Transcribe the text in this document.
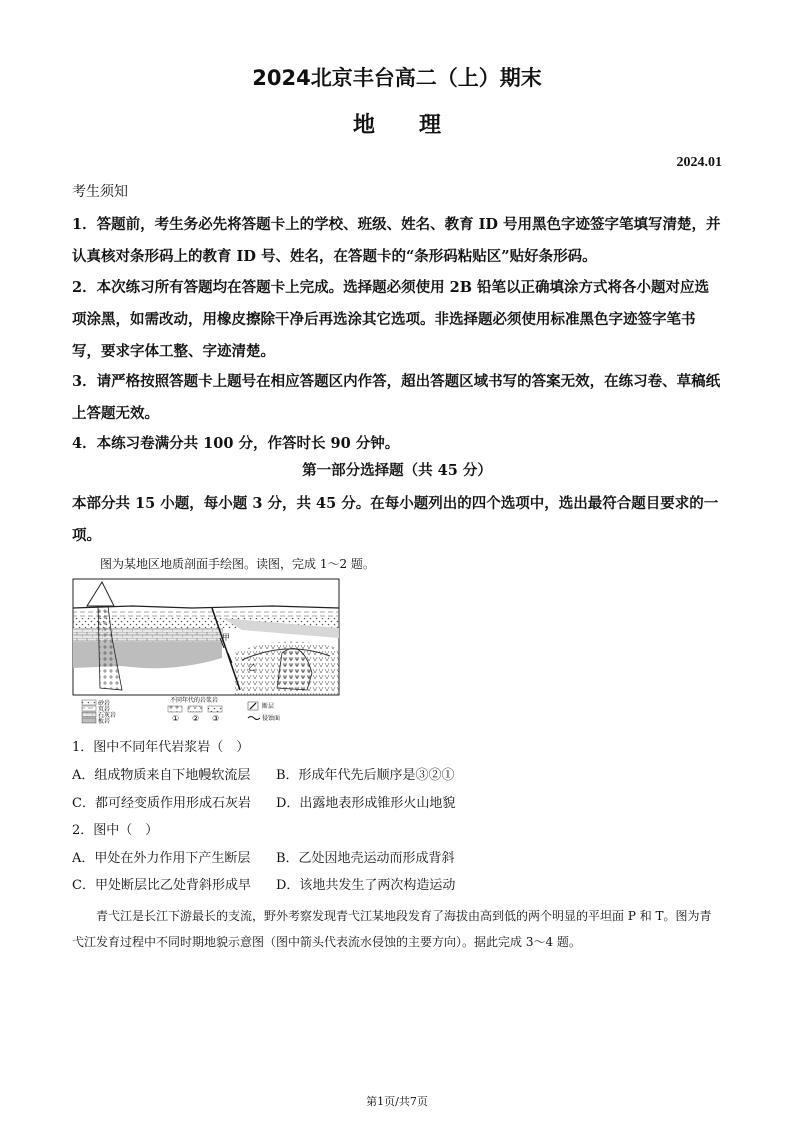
2024北京丰台高二（上）期末
地理
2024.01
考生须知
1．答题前，考生务必先将答题卡上的学校、班级、姓名、教育 ID 号用黑色字迹签字笔填写清楚，并认真核对条形码上的教育 ID 号、姓名，在答题卡的“条形码粘贴区”贴好条形码。
2．本次练习所有答题均在答题卡上完成。选择题必须使用 2B 铅笔以正确填涂方式将各小题对应选项涂黑，如需改动，用橡皮擦除干净后再选涂其它选项。非选择题必须使用标准黑色字迹签字笔书写，要求字体工整、字迹清楚。
3．请严格按照答题卡上题号在相应答题区内作答，超出答题区域书写的答案无效，在练习卷、草稿纸上答题无效。
4．本练习卷满分共 100 分，作答时长 90 分钟。
第一部分选择题（共 45 分）
本部分共 15 小题，每小题 3 分，共 45 分。在每小题列出的四个选项中，选出最符合题目要求的一项。
图为某地区地质剖面手绘图。读图，完成 1～2 题。
甲
乙
砂岩
页岩
石灰岩
板岩
不同年代的岩浆岩
① ② ③
断层
侵蚀面
1．图中不同年代岩浆岩（　）
A．组成物质来自下地幔软流层 B．形成年代先后顺序是③②①
C．都可经变质作用形成石灰岩 D．出露地表形成锥形火山地貌
2．图中（　）
A．甲处在外力作用下产生断层 B．乙处因地壳运动而形成背斜
C．甲处断层比乙处背斜形成早 D．该地共发生了两次构造运动
青弋江是长江下游最长的支流，野外考察发现青弋江某地段发育了海拔由高到低的两个明显的平坦面 P 和 T。图为青弋江发育过程中不同时期地貌示意图（图中箭头代表流水侵蚀的主要方向）。据此完成 3～4 题。
第1页/共7页
